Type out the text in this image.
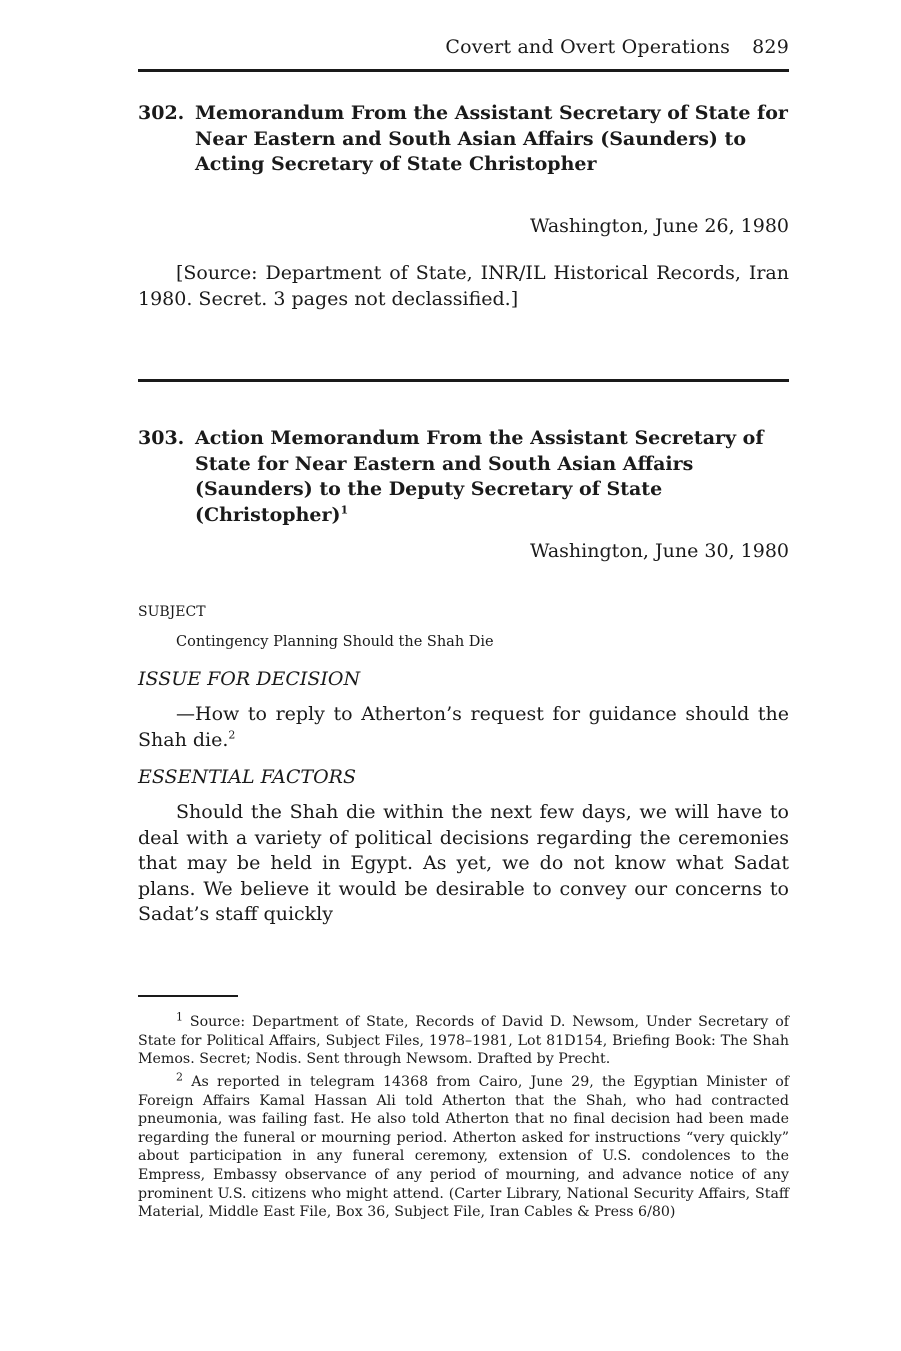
Covert and Overt Operations 829
302. Memorandum From the Assistant Secretary of State for Near Eastern and South Asian Affairs (Saunders) to Acting Secretary of State Christopher
Washington, June 26, 1980
[Source: Department of State, INR/IL Historical Records, Iran 1980. Secret. 3 pages not declassified.]
303. Action Memorandum From the Assistant Secretary of State for Near Eastern and South Asian Affairs (Saunders) to the Deputy Secretary of State (Christopher)$^1$
Washington, June 30, 1980
SUBJECT
Contingency Planning Should the Shah Die
ISSUE FOR DECISION
—How to reply to Atherton’s request for guidance should the Shah die.$^2$
ESSENTIAL FACTORS
Should the Shah die within the next few days, we will have to deal with a variety of political decisions regarding the ceremonies that may be held in Egypt. As yet, we do not know what Sadat plans. We believe it would be desirable to convey our concerns to Sadat’s staff quickly
$^1$ Source: Department of State, Records of David D. Newsom, Under Secretary of State for Political Affairs, Subject Files, 1978–1981, Lot 81D154, Briefing Book: The Shah Memos. Secret; Nodis. Sent through Newsom. Drafted by Precht.
$^2$ As reported in telegram 14368 from Cairo, June 29, the Egyptian Minister of Foreign Affairs Kamal Hassan Ali told Atherton that the Shah, who had contracted pneumonia, was failing fast. He also told Atherton that no final decision had been made regarding the funeral or mourning period. Atherton asked for instructions “very quickly” about participation in any funeral ceremony, extension of U.S. condolences to the Empress, Embassy observance of any period of mourning, and advance notice of any prominent U.S. citizens who might attend. (Carter Library, National Security Affairs, Staff Material, Middle East File, Box 36, Subject File, Iran Cables & Press 6/80)
